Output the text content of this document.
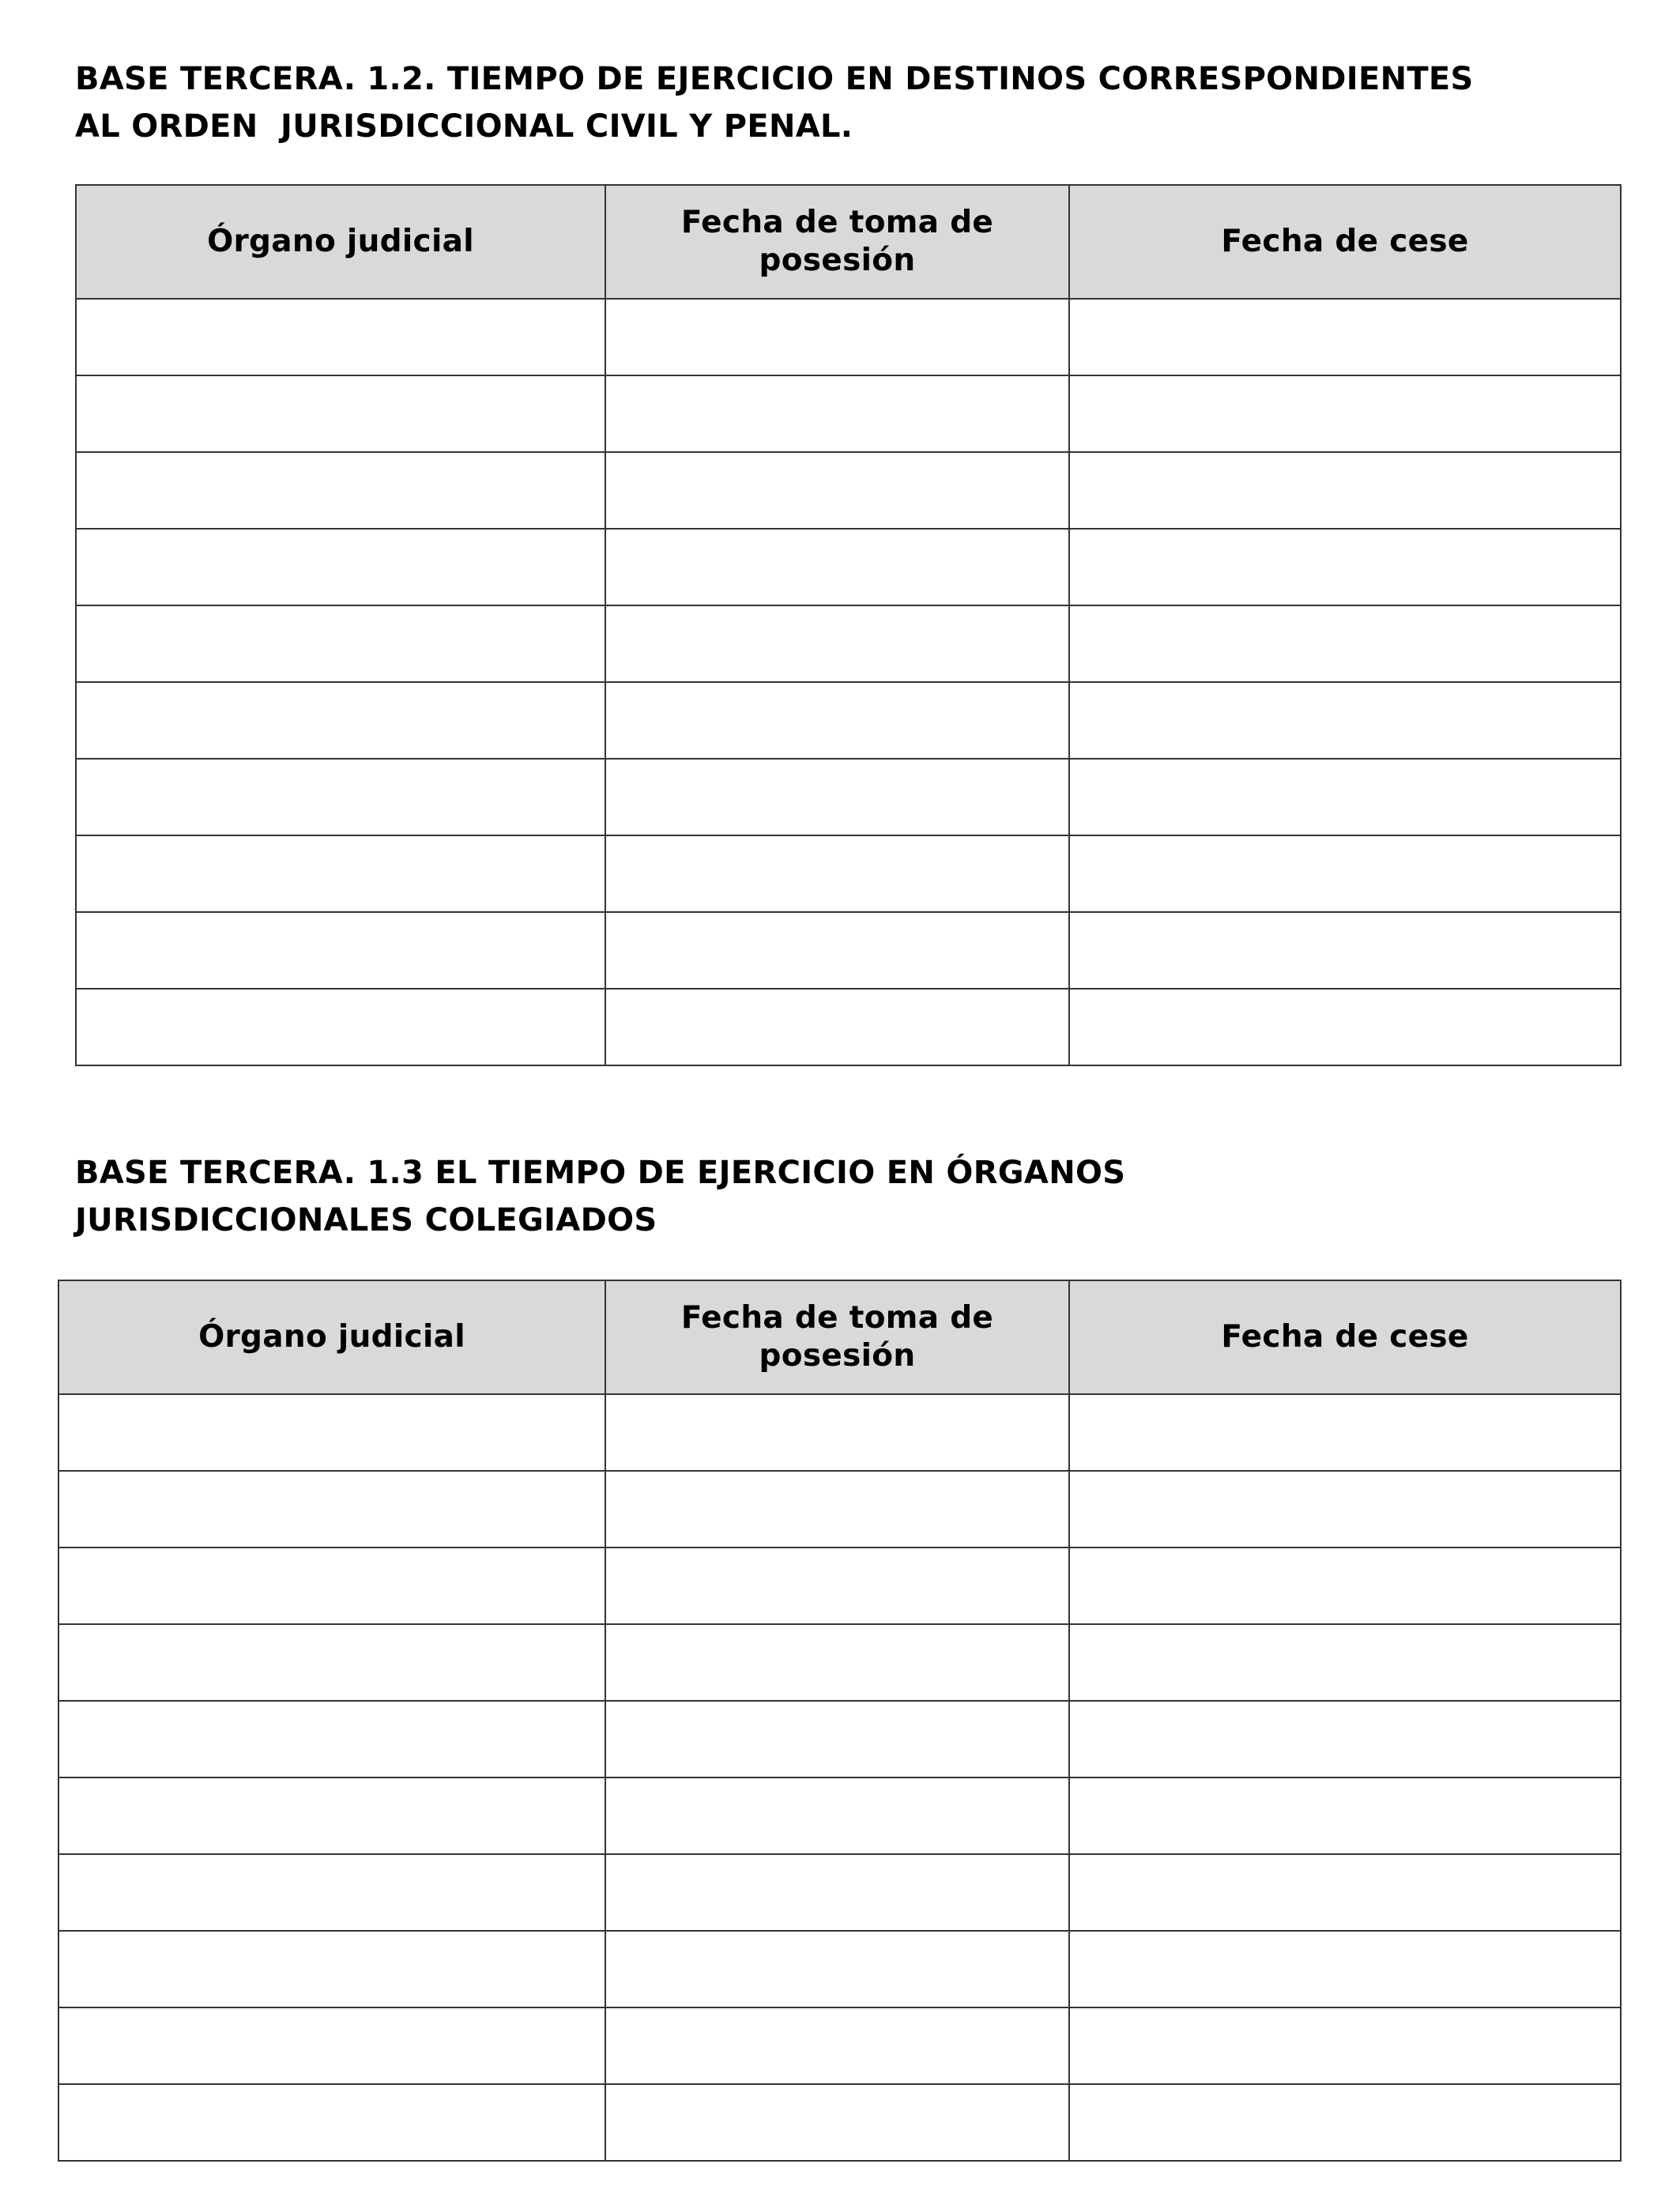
BASE TERCERA. 1.2. TIEMPO DE EJERCICIO EN DESTINOS CORRESPONDIENTES
AL ORDEN  JURISDICCIONAL CIVIL Y PENAL.
Órgano judicial	Fecha de toma de posesión	Fecha de cese

BASE TERCERA. 1.3 EL TIEMPO DE EJERCICIO EN ÓRGANOS
JURISDICCIONALES COLEGIADOS
Órgano judicial	Fecha de toma de posesión	Fecha de cese
